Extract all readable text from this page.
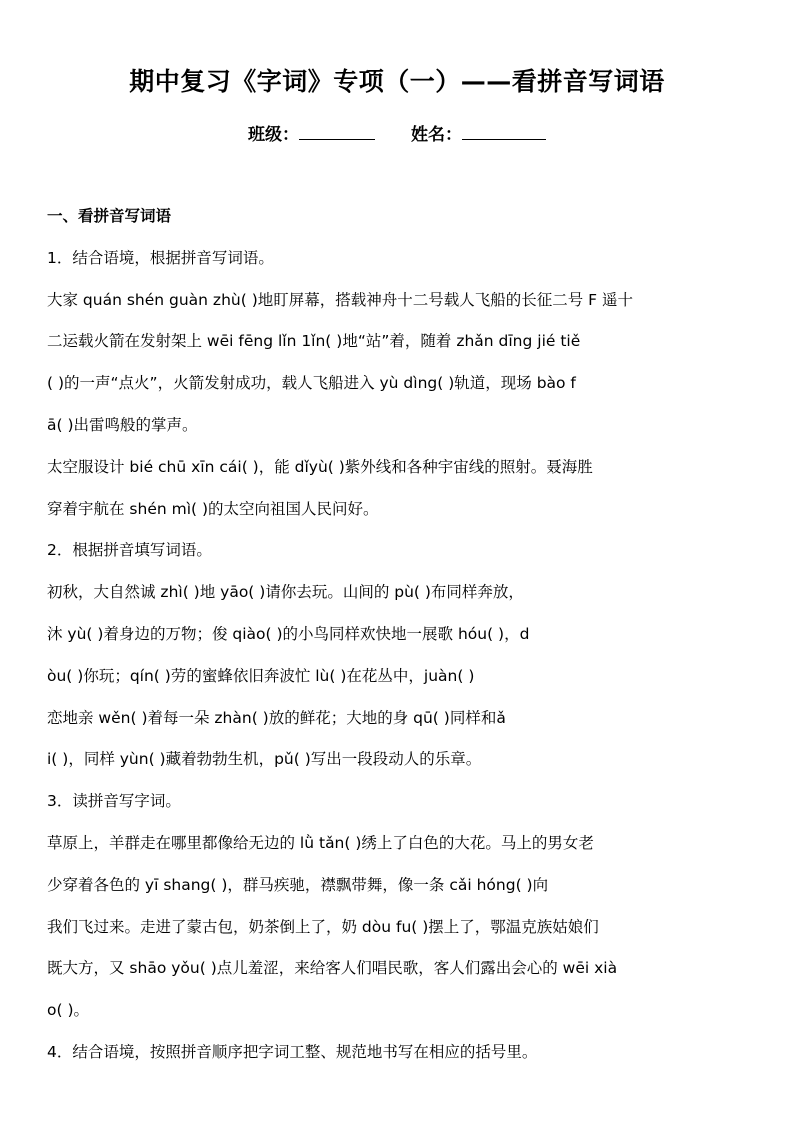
期中复习《字词》专项（一）——看拼音写词语
班级：	姓名：
一、看拼音写词语
1．结合语境，根据拼音写词语。
大家 quán shén guàn zhù( )地盯屏幕，搭载神舟十二号载人飞船的长征二号 F 遥十
二运载火箭在发射架上 wēi fēng lǐn 1ǐn( )地“站”着，随着 zhǎn dīng jié tiě
( )的一声“点火”，火箭发射成功，载人飞船进入 yù dìng( )轨道，现场 bào f
ā( )出雷鸣般的掌声。
太空服设计 bié chū xīn cái( )，能 dǐyù( )紫外线和各种宇宙线的照射。聂海胜
穿着宇航在 shén mì( )的太空向祖国人民问好。
2．根据拼音填写词语。
初秋，大自然诚 zhì( )地 yāo( )请你去玩。山间的 pù( )布同样奔放，
沐 yù( )着身边的万物；俊 qiào( )的小鸟同样欢快地一展歌 hóu( )，d
òu( )你玩；qín( )劳的蜜蜂依旧奔波忙 lù( )在花丛中，juàn( )
恋地亲 wěn( )着每一朵 zhàn( )放的鲜花；大地的身 qū( )同样和ǎ
i( )，同样 yùn( )藏着勃勃生机，pǔ( )写出一段段动人的乐章。
3．读拼音写字词。
草原上，羊群走在哪里都像给无边的 lǜ tǎn( )绣上了白色的大花。马上的男女老
少穿着各色的 yī shang( )，群马疾驰，襟飘带舞，像一条 cǎi hóng( )向
我们飞过来。走进了蒙古包，奶茶倒上了，奶 dòu fu( )摆上了，鄂温克族姑娘们
既大方，又 shāo yǒu( )点儿羞涩，来给客人们唱民歌，客人们露出会心的 wēi xià
o( )。
4．结合语境，按照拼音顺序把字词工整、规范地书写在相应的括号里。
